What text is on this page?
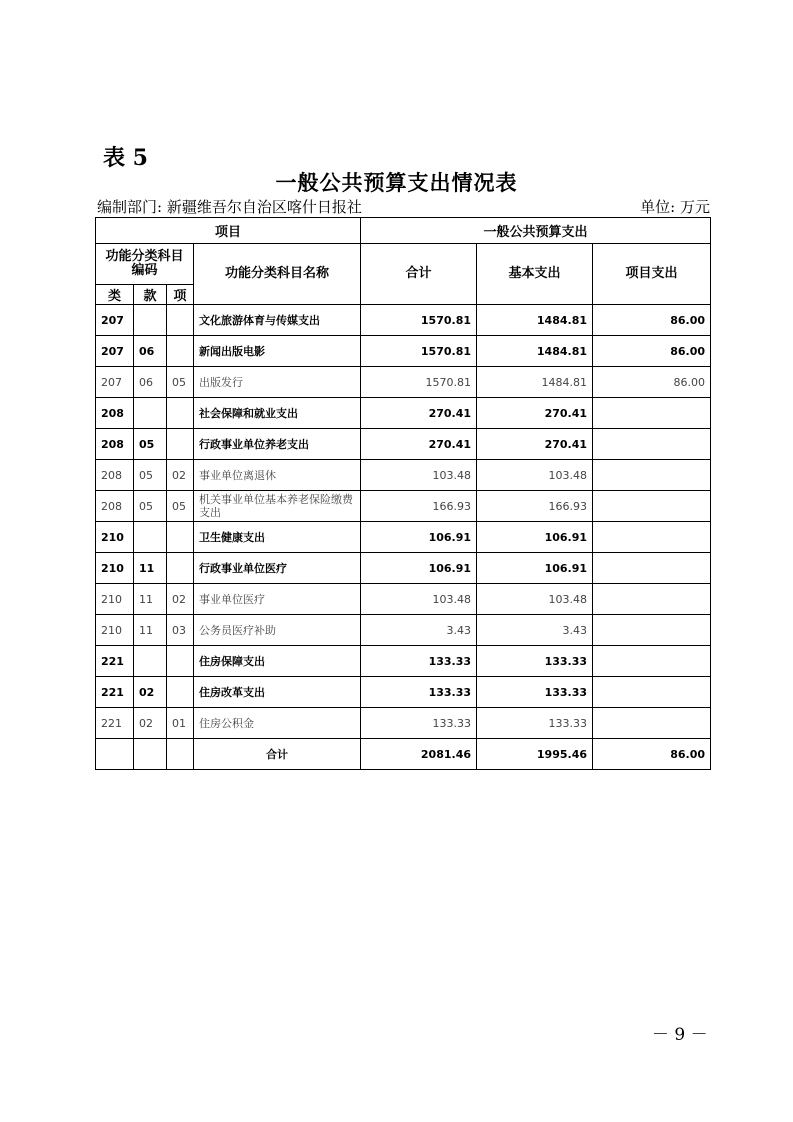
表 5
一般公共预算支出情况表
编制部门: 新疆维吾尔自治区喀什日报社	单位: 万元
项目				一般公共预算支出		
功能分类科目编码			功能分类科目名称	合计	基本支出	项目支出
类	款	项				
207			文化旅游体育与传媒支出	1570.81	1484.81	86.00
207	06		新闻出版电影	1570.81	1484.81	86.00
207	06	05	出版发行	1570.81	1484.81	86.00
208			社会保障和就业支出	270.41	270.41	
208	05		行政事业单位养老支出	270.41	270.41	
208	05	02	事业单位离退休	103.48	103.48	
208	05	05	机关事业单位基本养老保险缴费支出	166.93	166.93	
210			卫生健康支出	106.91	106.91	
210	11		行政事业单位医疗	106.91	106.91	
210	11	02	事业单位医疗	103.48	103.48	
210	11	03	公务员医疗补助	3.43	3.43	
221			住房保障支出	133.33	133.33	
221	02		住房改革支出	133.33	133.33	
221	02	01	住房公积金	133.33	133.33	
			合计	2081.46	1995.46	86.00
－ 9 －
